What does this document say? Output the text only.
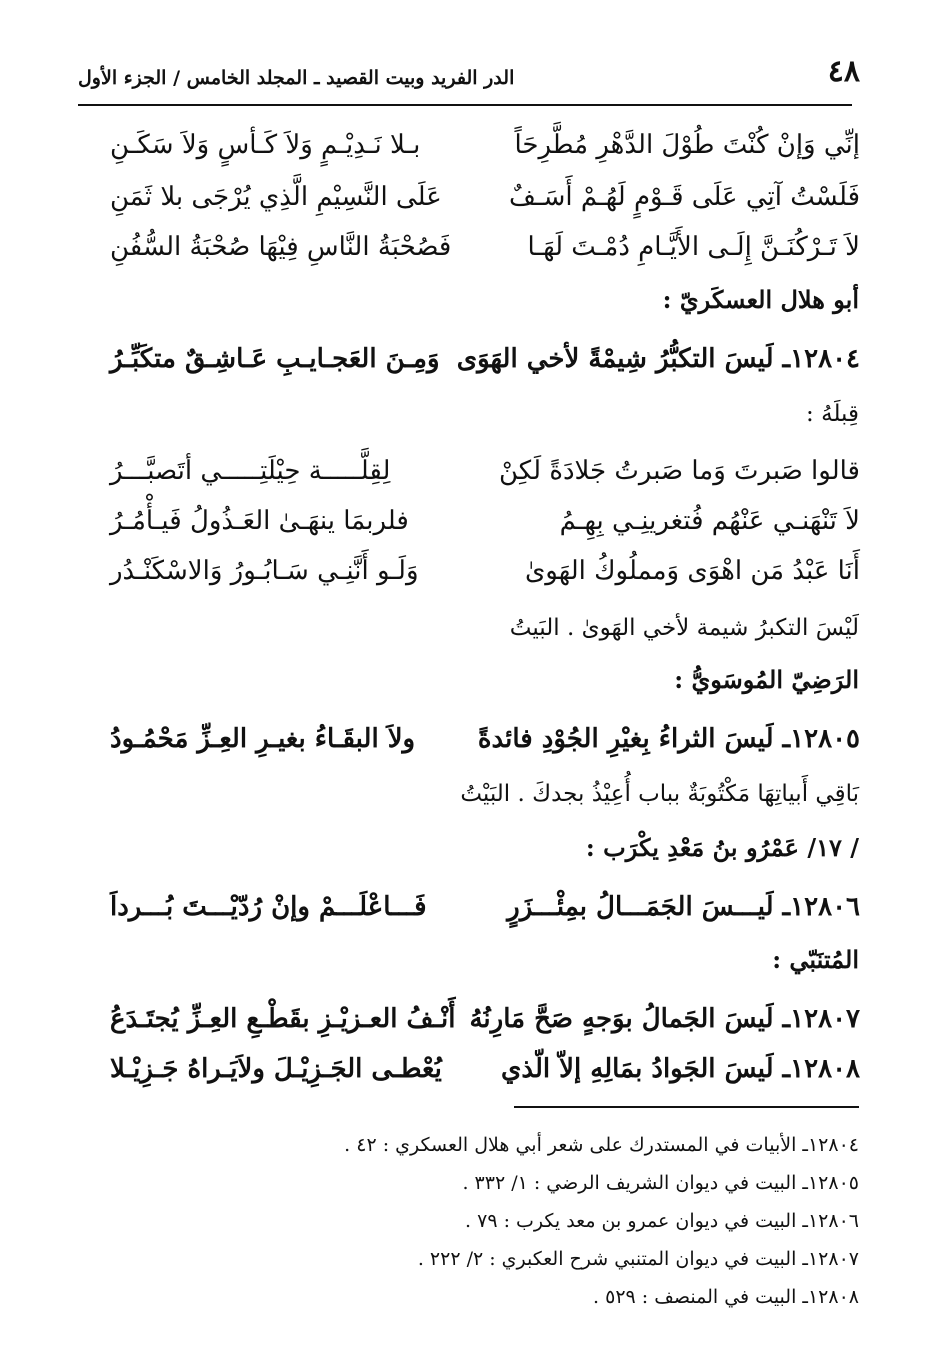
٤٨
الدر الفريد وبيت القصيد ـ المجلد الخامس / الجزء الأول
إنِّي وَإنْ كُنْتَ طُوْلَ الدَّهْرِ مُطَّرِحَاً
بـلا نَـدِيْـمٍ وَلاَ كَـأسٍ وَلاَ سَكَـنِ
فَلَسْتُ آتِي عَلَى قَـوْمٍ لَهُـمْ أَسَـفٌ
عَلَى النَّسِيْمِ الَّذِي يُرْجَى بلا ثَمَنِ
لاَ تَـرْكُنَـنَّ إِلَـى الأَيَّـامِ دُمْـتَ لَهَـا
فَصُحْبَةُ النَّاسِ فِيْهَا صُحْبَةُ السُّفُنِ
أبو هلال العسكَريّ :
١٢٨٠٤ـ لَيسَ التكبُّرُ شِيمْةً لأخي الهَوَى
وَمِـنَ العَجـايـبِ عَـاشِـقٌ متكَبِّـرُ
قِبلَهُ :
قالوا صَبرتَ وَما صَبرتُ جَلادَةً لَكِنْ
لِقِلَّـــــة حِيْلَتِـــــي أتَصبَّـــرُ
لاَ تَنْهَنـي عَنْهُم فُتغرينِـي بِهِـمُ
فلربمَا ينهَـىٰ العَـذُولُ فَيـأْمُـرُ
أَنَا عَبْدُ مَن اهْوَى وَمملُوكُ الهَوىٰ
وَلَـو أَنَّنِـي سَـابُـورُ وَالاسْكَنْـدُر
لَيْسَ التكبرُ شيمة لأخي الهَوىٰ . البَيتُ
الرَضِيّ المُوسَويُّ :
١٢٨٠٥ـ لَيسَ الثراءُ بِغيْرِ الجُوْدِ فائدةً
ولاَ البقَـاءُ بغيـرِ العِـزِّ مَحْمُـودُ
بَاقِي أَبياتِهَا مَكْتُوبَةٌ بباب أُعِيْذُ بجدكَ . البَيْتُ
/ ١٧/ عَمْرُو بنُ مَعْدِ يكْرَب :
١٢٨٠٦ـ لَيـــسَ الجَمَـــالُ بمِئْـــزَرٍ
فَـــاعْلَـــمْ وإنْ رُدّيْـــتَ بُـــرداَ
المُتنَبّي :
١٢٨٠٧ـ لَيسَ الجَمالُ بوَجهٍ صَحَّ مَارِنُهُ
أَنْـفُ العـزيْـزِ بقَطْـعِ العِـزِّ يُجتَـدَعُ
١٢٨٠٨ـ لَيسَ الجَوادُ بمَالِهِ إلاّ الّذي
يُعْطـى الجَـزِيْـلَ ولاَيَـراهُ جَـزِيْـلا
١٢٨٠٤ـ الأبيات في المستدرك على شعر أبي هلال العسكري : ٤٢ .
١٢٨٠٥ـ البيت في ديوان الشريف الرضي : ١/ ٣٣٢ .
١٢٨٠٦ـ البيت في ديوان عمرو بن معد يكرب : ٧٩ .
١٢٨٠٧ـ البيت في ديوان المتنبي شرح العكبري : ٢/ ٢٢٢ .
١٢٨٠٨ـ البيت في المنصف : ٥٢٩ .
